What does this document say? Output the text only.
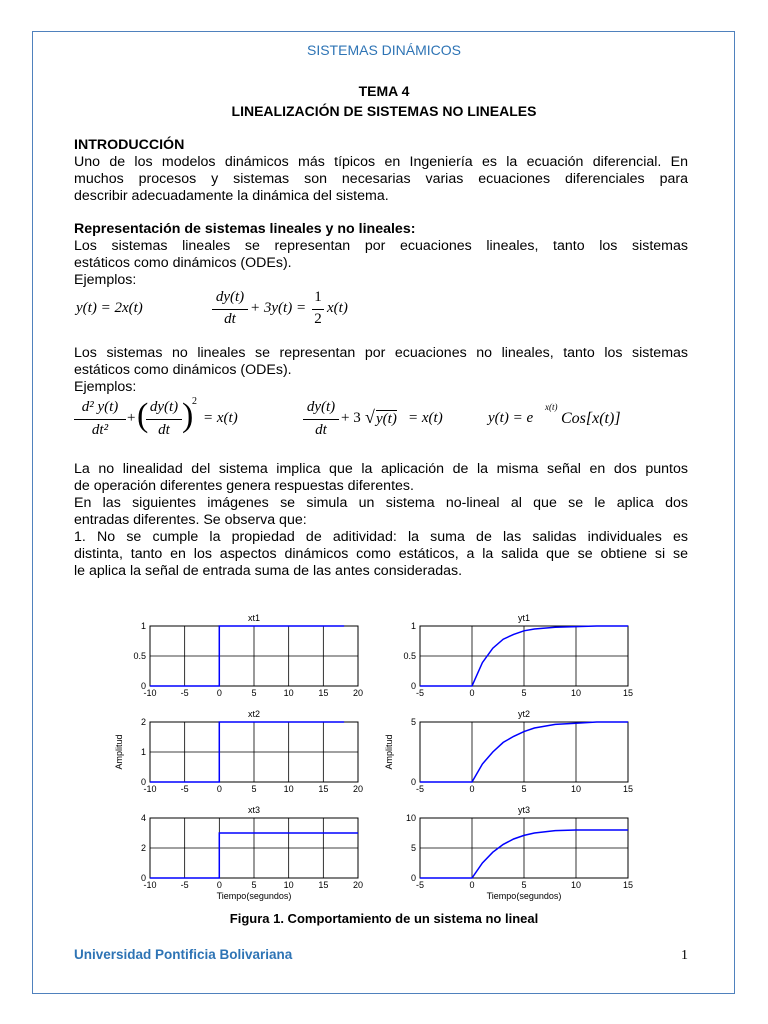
SISTEMAS DINÁMICOS
TEMA 4
LINEALIZACIÓN DE SISTEMAS NO LINEALES
INTRODUCCIÓN
Uno de los modelos dinámicos más típicos en Ingeniería es la ecuación diferencial. En
muchos procesos y sistemas son necesarias varias ecuaciones diferenciales para
describir adecuadamente la dinámica del sistema.
Representación de sistemas lineales y no lineales:
Los sistemas lineales se representan por ecuaciones lineales, tanto los sistemas
estáticos como dinámicos (ODEs).
Ejemplos:
y(t) = 2x(t)
dy(t)
dt
+ 3y(t) =
1
2
x(t)
Los sistemas no lineales se representan por ecuaciones no lineales, tanto los sistemas
estáticos como dinámicos (ODEs).
Ejemplos:
d² y(t)
dt²
+ ( dy(t)
dt )
2
= x(t)
dy(t)
dt
+ 3 √ y(t) = x(t)	y(t) = e
x(t)
Cos[x(t)]
La no linealidad del sistema implica que la aplicación de la misma señal en dos puntos
de operación diferentes genera respuestas diferentes.
En las siguientes imágenes se simula un sistema no-lineal al que se le aplica dos
entradas diferentes. Se observa que:
1. No se cumple la propiedad de aditividad: la suma de las salidas individuales es
distinta, tanto en los aspectos dinámicos como estáticos, a la salida que se obtiene si se
le aplica la señal de entrada suma de las antes consideradas.
-10	-5	0	5	10	15	20
0
0.5
1
xt1
-5	0	5	10	15
0
0.5
1
yt1
-10	-5	0	5	10	15	20
0
1
2
xt2
Amplitud
-5	0	5	10	15
0
5
yt2
Amplitud
-10	-5	0	5	10	15	20
0
2
4
xt3
Tiempo(segundos)
-5	0	5	10	15
0
5
10
yt3
Tiempo(segundos)
Figura 1. Comportamiento de un sistema no lineal
Universidad Pontificia Bolivariana	1
